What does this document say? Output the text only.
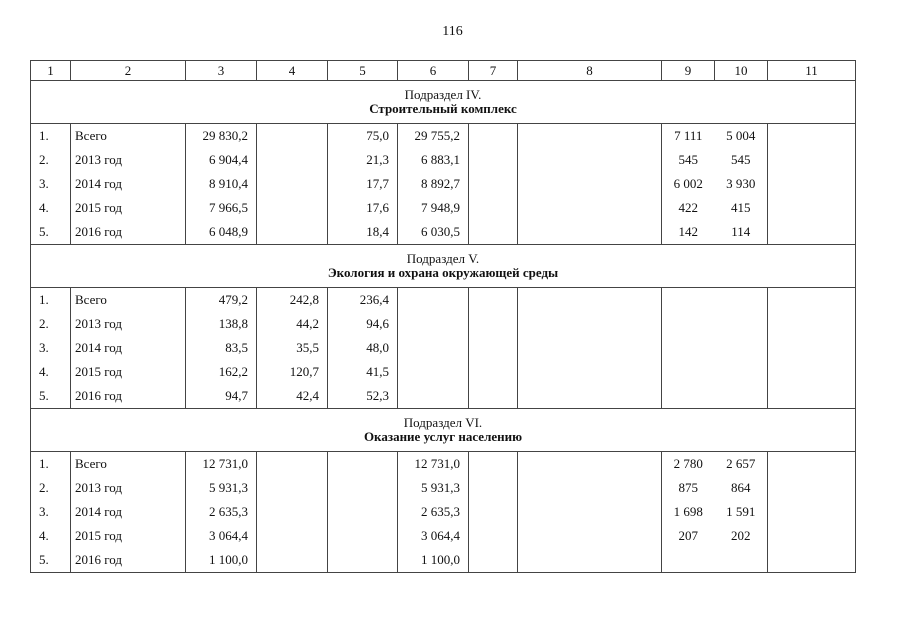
116
1	2	3	4	5	6	7	8	9	10	11

Подраздел IV.
Строительный комплекс										

1.	Всего	29 830,2		75,0	29 755,2			7 111	5 004	
2.	2013 год	6 904,4		21,3	6 883,1			545	545	
3.	2014 год	8 910,4		17,7	8 892,7			6 002	3 930	
4.	2015 год	7 966,5		17,6	7 948,9			422	415	
5.	2016 год	6 048,9		18,4	6 030,5			142	114	

Подраздел V.
Экология и охрана окружающей среды										

1.	Всего	479,2	242,8	236,4						
2.	2013 год	138,8	44,2	94,6						
3.	2014 год	83,5	35,5	48,0						
4.	2015 год	162,2	120,7	41,5						
5.	2016 год	94,7	42,4	52,3						

Подраздел VI.
Оказание услуг населению										

1.	Всего	12 731,0			12 731,0			2 780	2 657	
2.	2013 год	5 931,3			5 931,3			875	864	
3.	2014 год	2 635,3			2 635,3			1 698	1 591	
4.	2015 год	3 064,4			3 064,4			207	202	
5.	2016 год	1 100,0			1 100,0					
